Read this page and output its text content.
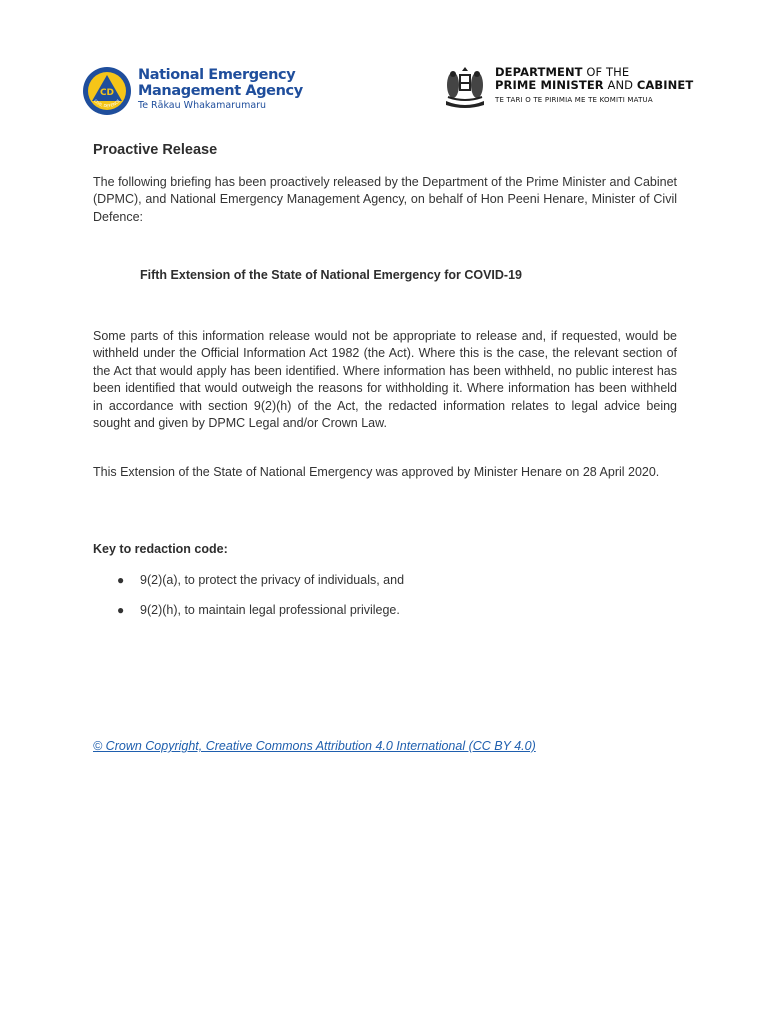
CD
CIVIL DEFENCE
National Emergency
Management Agency
Te Rākau Whakamarumaru
DEPARTMENT OF THE
PRIME MINISTER AND CABINET
TE TARI O TE PIRIMIA ME TE KOMITI MATUA
Proactive Release

The following briefing has been proactively released by the Department of the Prime Minister and Cabinet (DPMC), and National Emergency Management Agency, on behalf of Hon Peeni Henare, Minister of Civil Defence:

Fifth Extension of the State of National Emergency for COVID-19

Some parts of this information release would not be appropriate to release and, if requested, would be withheld under the Official Information Act 1982 (the Act). Where this is the case, the relevant section of the Act that would apply has been identified. Where information has been withheld, no public interest has been identified that would outweigh the reasons for withholding it. Where information has been withheld in accordance with section 9(2)(h) of the Act, the redacted information relates to legal advice being sought and given by DPMC Legal and/or Crown Law.

This Extension of the State of National Emergency was approved by Minister Henare on 28 April 2020.

Key to redaction code:
● 9(2)(a), to protect the privacy of individuals, and
● 9(2)(h), to maintain legal professional privilege.
© Crown Copyright, Creative Commons Attribution 4.0 International (CC BY 4.0)
